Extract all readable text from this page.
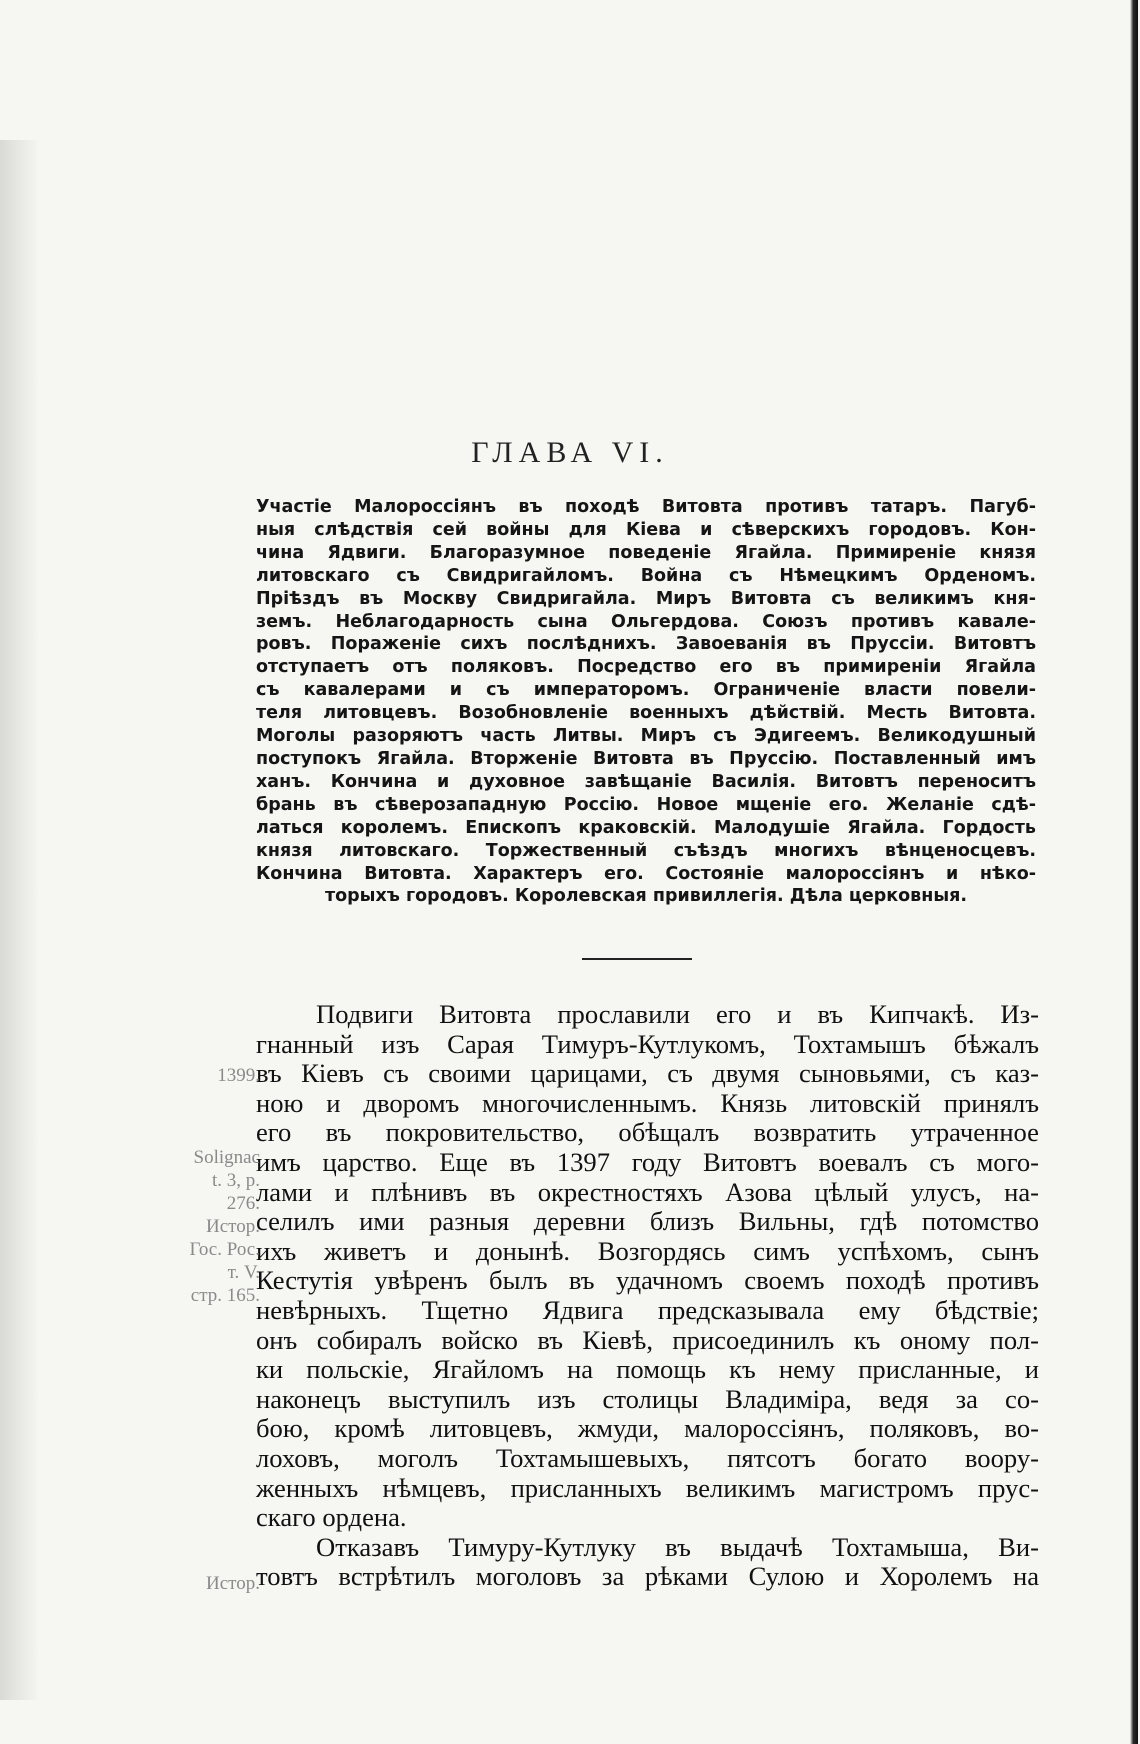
ГЛАВА VI.
Участіе Малороссіянъ въ походѣ Витовта противъ татаръ. Пагуб-
ныя слѣдствія сей войны для Кіева и сѣверскихъ городовъ. Кон-
чина Ядвиги. Благоразумное поведеніе Ягайла. Примиреніе князя
литовскаго съ Свидригайломъ. Война съ Нѣмецкимъ Орденомъ.
Пріѣздъ въ Москву Свидригайла. Миръ Витовта съ великимъ кня-
земъ. Неблагодарность сына Ольгердова. Союзъ противъ кавале-
ровъ. Пораженіе сихъ послѣднихъ. Завоеванія въ Пруссіи. Витовтъ
отступаетъ отъ поляковъ. Посредство его въ примиреніи Ягайла
съ кавалерами и съ императоромъ. Ограниченіе власти повели-
теля литовцевъ. Возобновленіе военныхъ дѣйствій. Месть Витовта.
Моголы разоряютъ часть Литвы. Миръ съ Эдигеемъ. Великодушный
поступокъ Ягайла. Вторженіе Витовта въ Пруссію. Поставленный имъ
ханъ. Кончина и духовное завѣщаніе Василія. Витовтъ переноситъ
брань въ сѣверозападную Россію. Новое мщеніе его. Желаніе сдѣ-
латься королемъ. Епископъ краковскій. Малодушіе Ягайла. Гордость
князя литовскаго. Торжественный съѣздъ многихъ вѣнценосцевъ.
Кончина Витовта. Характеръ его. Состояніе малороссіянъ и нѣко-
торыхъ городовъ. Королевская привиллегія. Дѣла церковныя.
Подвиги Витовта прославили его и въ Кипчакѣ. Из-
гнанный изъ Сарая Тимуръ-Кутлукомъ, Тохтамышъ бѣжалъ
въ Кіевъ съ своими царицами, съ двумя сыновьями, съ каз-
ною и дворомъ многочисленнымъ. Князь литовскій принялъ
его въ покровительство, обѣщалъ возвратить утраченное
имъ царство. Еще въ 1397 году Витовтъ воевалъ съ мого-
лами и плѣнивъ въ окрестностяхъ Азова цѣлый улусъ, на-
селилъ ими разныя деревни близъ Вильны, гдѣ потомство
ихъ живетъ и донынѣ. Возгордясь симъ успѣхомъ, сынъ
Кестутія увѣренъ былъ въ удачномъ своемъ походѣ противъ
невѣрныхъ. Тщетно Ядвига предсказывала ему бѣдствіе;
онъ собиралъ войско въ Кіевѣ, присоединилъ къ оному пол-
ки польскіе, Ягайломъ на помощь къ нему присланные, и
наконецъ выступилъ изъ столицы Владиміра, ведя за со-
бою, кромѣ литовцевъ, жмуди, малороссіянъ, поляковъ, во-
лоховъ, моголъ Тохтамышевыхъ, пятсотъ богато воору-
женныхъ нѣмцевъ, присланныхъ великимъ магистромъ прус-
скаго ордена.
Отказавъ Тимуру-Кутлуку въ выдачѣ Тохтамыша, Ви-
товтъ встрѣтилъ моголовъ за рѣками Сулою и Хоролемъ на
1399.
Solignac
t. 3, p.
276.
Истор.
Гос. Рос.
т. V.
стр. 165.
Истор.
